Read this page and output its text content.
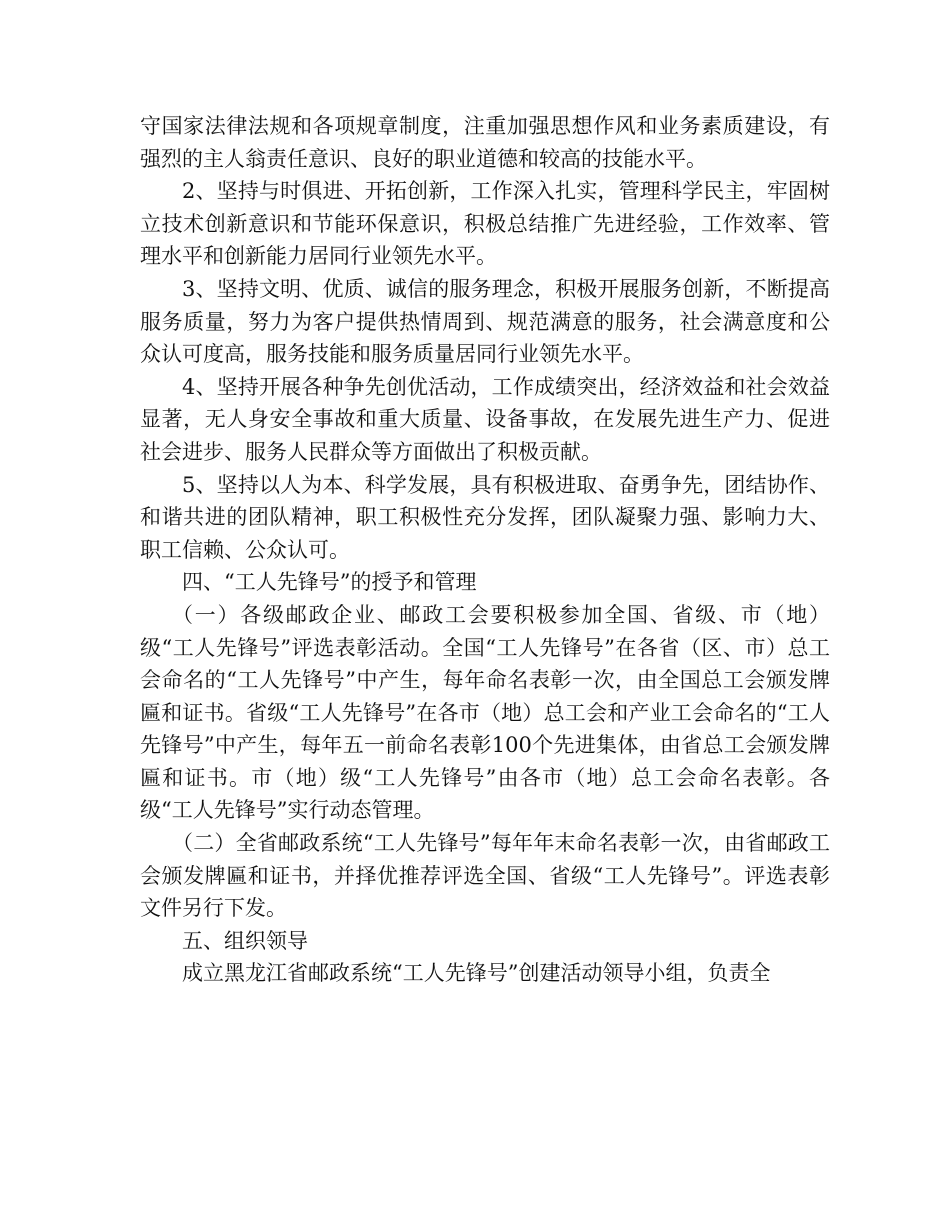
守国家法律法规和各项规章制度，注重加强思想作风和业务素质建设，有强烈的主人翁责任意识、良好的职业道德和较高的技能水平。

2、坚持与时俱进、开拓创新，工作深入扎实，管理科学民主，牢固树立技术创新意识和节能环保意识，积极总结推广先进经验，工作效率、管理水平和创新能力居同行业领先水平。

3、坚持文明、优质、诚信的服务理念，积极开展服务创新，不断提高服务质量，努力为客户提供热情周到、规范满意的服务，社会满意度和公众认可度高，服务技能和服务质量居同行业领先水平。

4、坚持开展各种争先创优活动，工作成绩突出，经济效益和社会效益显著，无人身安全事故和重大质量、设备事故，在发展先进生产力、促进社会进步、服务人民群众等方面做出了积极贡献。

5、坚持以人为本、科学发展，具有积极进取、奋勇争先，团结协作、和谐共进的团队精神，职工积极性充分发挥，团队凝聚力强、影响力大、职工信赖、公众认可。

四、“工人先锋号”的授予和管理

（一）各级邮政企业、邮政工会要积极参加全国、省级、市（地）级“工人先锋号”评选表彰活动。全国“工人先锋号”在各省（区、市）总工会命名的“工人先锋号”中产生，每年命名表彰一次，由全国总工会颁发牌匾和证书。省级“工人先锋号”在各市（地）总工会和产业工会命名的“工人先锋号”中产生，每年五一前命名表彰100个先进集体，由省总工会颁发牌匾和证书。市（地）级“工人先锋号”由各市（地）总工会命名表彰。各级“工人先锋号”实行动态管理。

（二）全省邮政系统“工人先锋号”每年年末命名表彰一次，由省邮政工会颁发牌匾和证书，并择优推荐评选全国、省级“工人先锋号”。评选表彰文件另行下发。

五、组织领导

成立黑龙江省邮政系统“工人先锋号”创建活动领导小组，负责全
